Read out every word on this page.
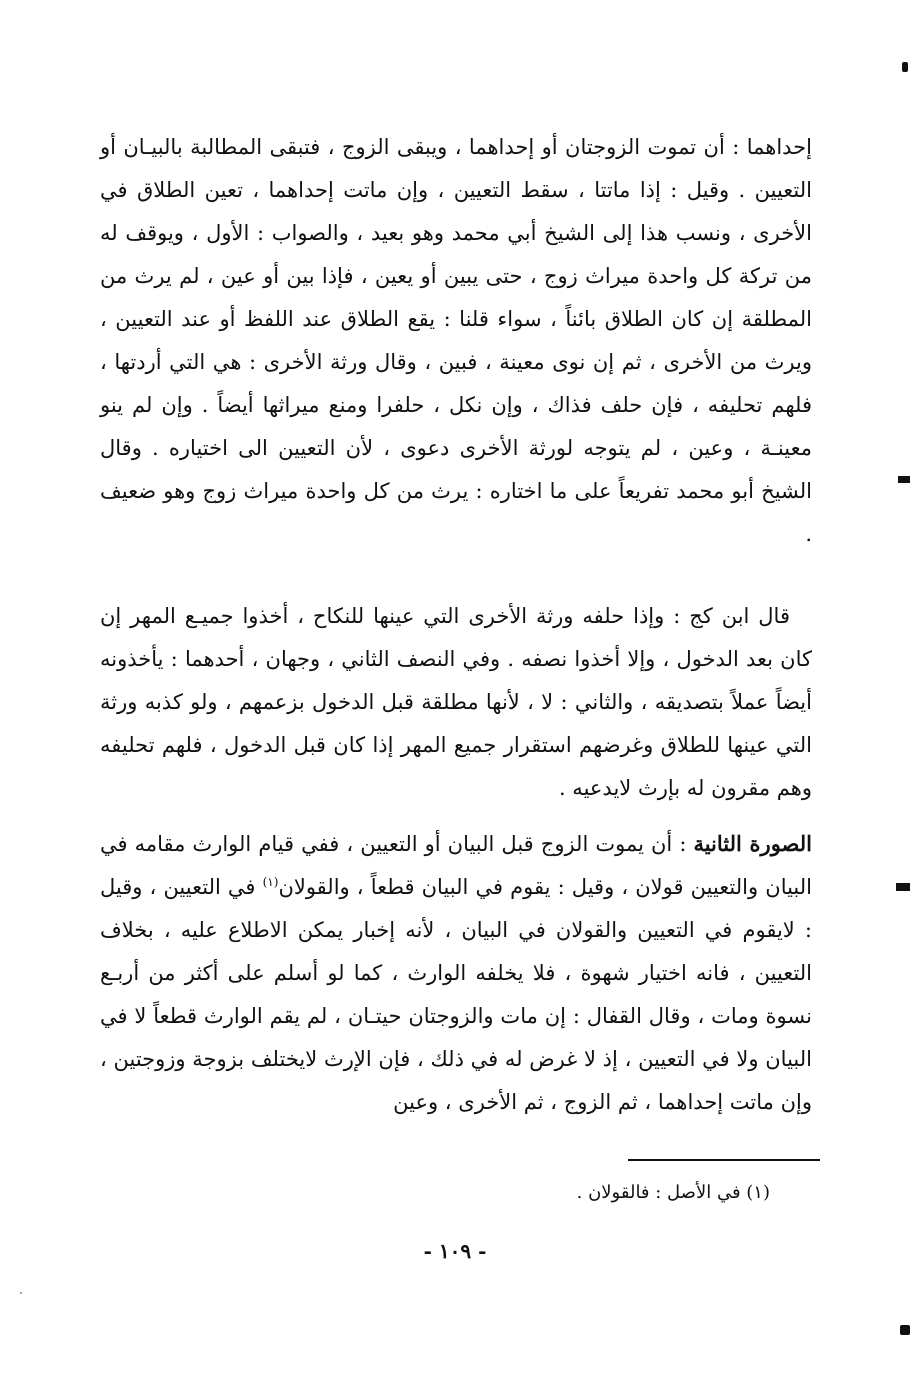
إحداهما : أن تموت الزوجتان أو إحداهما ، ويبقى الزوج ، فتبقى المطالبة بالبيـان أو التعيين . وقيل : إذا ماتتا ، سقط التعيين ، وإن ماتت إحداهما ، تعين الطلاق في الأخرى ، ونسب هذا إلى الشيخ أبي محمد وهو بعيد ، والصواب : الأول ، ويوقف له من تركة كل واحدة ميراث زوج ، حتى يبين أو يعين ، فإذا بين أو عين ، لم يرث من المطلقة إن كان الطلاق بائناً ، سواء قلنا : يقع الطلاق عند اللفظ أو عند التعيين ، ويرث من الأخرى ، ثم إن نوى معينة ، فبين ، وقال ورثة الأخرى : هي التي أردتها ، فلهم تحليفه ، فإن حلف فذاك ، وإن نكل ، حلفرا ومنع ميراثها أيضاً . وإن لم ينو معينـة ، وعين ، لم يتوجه لورثة الأخرى دعوى ، لأن التعيين الى اختياره . وقال الشيخ أبو محمد تفريعاً على ما اختاره : يرث من كل واحدة ميراث زوج وهو ضعيف .

قال ابن كج : وإذا حلفه ورثة الأخرى التي عينها للنكاح ، أخذوا جميـع المهر إن كان بعد الدخول ، وإلا أخذوا نصفه . وفي النصف الثاني ، وجهان ، أحدهما : يأخذونه أيضاً عملاً بتصديقه ، والثاني : لا ، لأنها مطلقة قبل الدخول بزعمهم ، ولو كذبه ورثة التي عينها للطلاق وغرضهم استقرار جميع المهر إذا كان قبل الدخول ، فلهم تحليفه وهم مقرون له بإرث لايدعيه .

الصورة الثانية : أن يموت الزوج قبل البيان أو التعيين ، ففي قيام الوارث مقامه في البيان والتعيين قولان ، وقيل : يقوم في البيان قطعاً ، والقولان$^{(١)}$ في التعيين ، وقيل : لايقوم في التعيين والقولان في البيان ، لأنه إخبار يمكن الاطلاع عليه ، بخلاف التعيين ، فانه اختيار شهوة ، فلا يخلفه الوارث ، كما لو أسلم على أكثر من أربـع نسوة ومات ، وقال القفال : إن مات والزوجتان حيتـان ، لم يقم الوارث قطعاً لا في البيان ولا في التعيين ، إذ لا غرض له في ذلك ، فإن الإرث لايختلف بزوجة وزوجتين ، وإن ماتت إحداهما ، ثم الزوج ، ثم الأخرى ، وعين

(١) في الأصل : فالقولان .
- ١٠٩ -
